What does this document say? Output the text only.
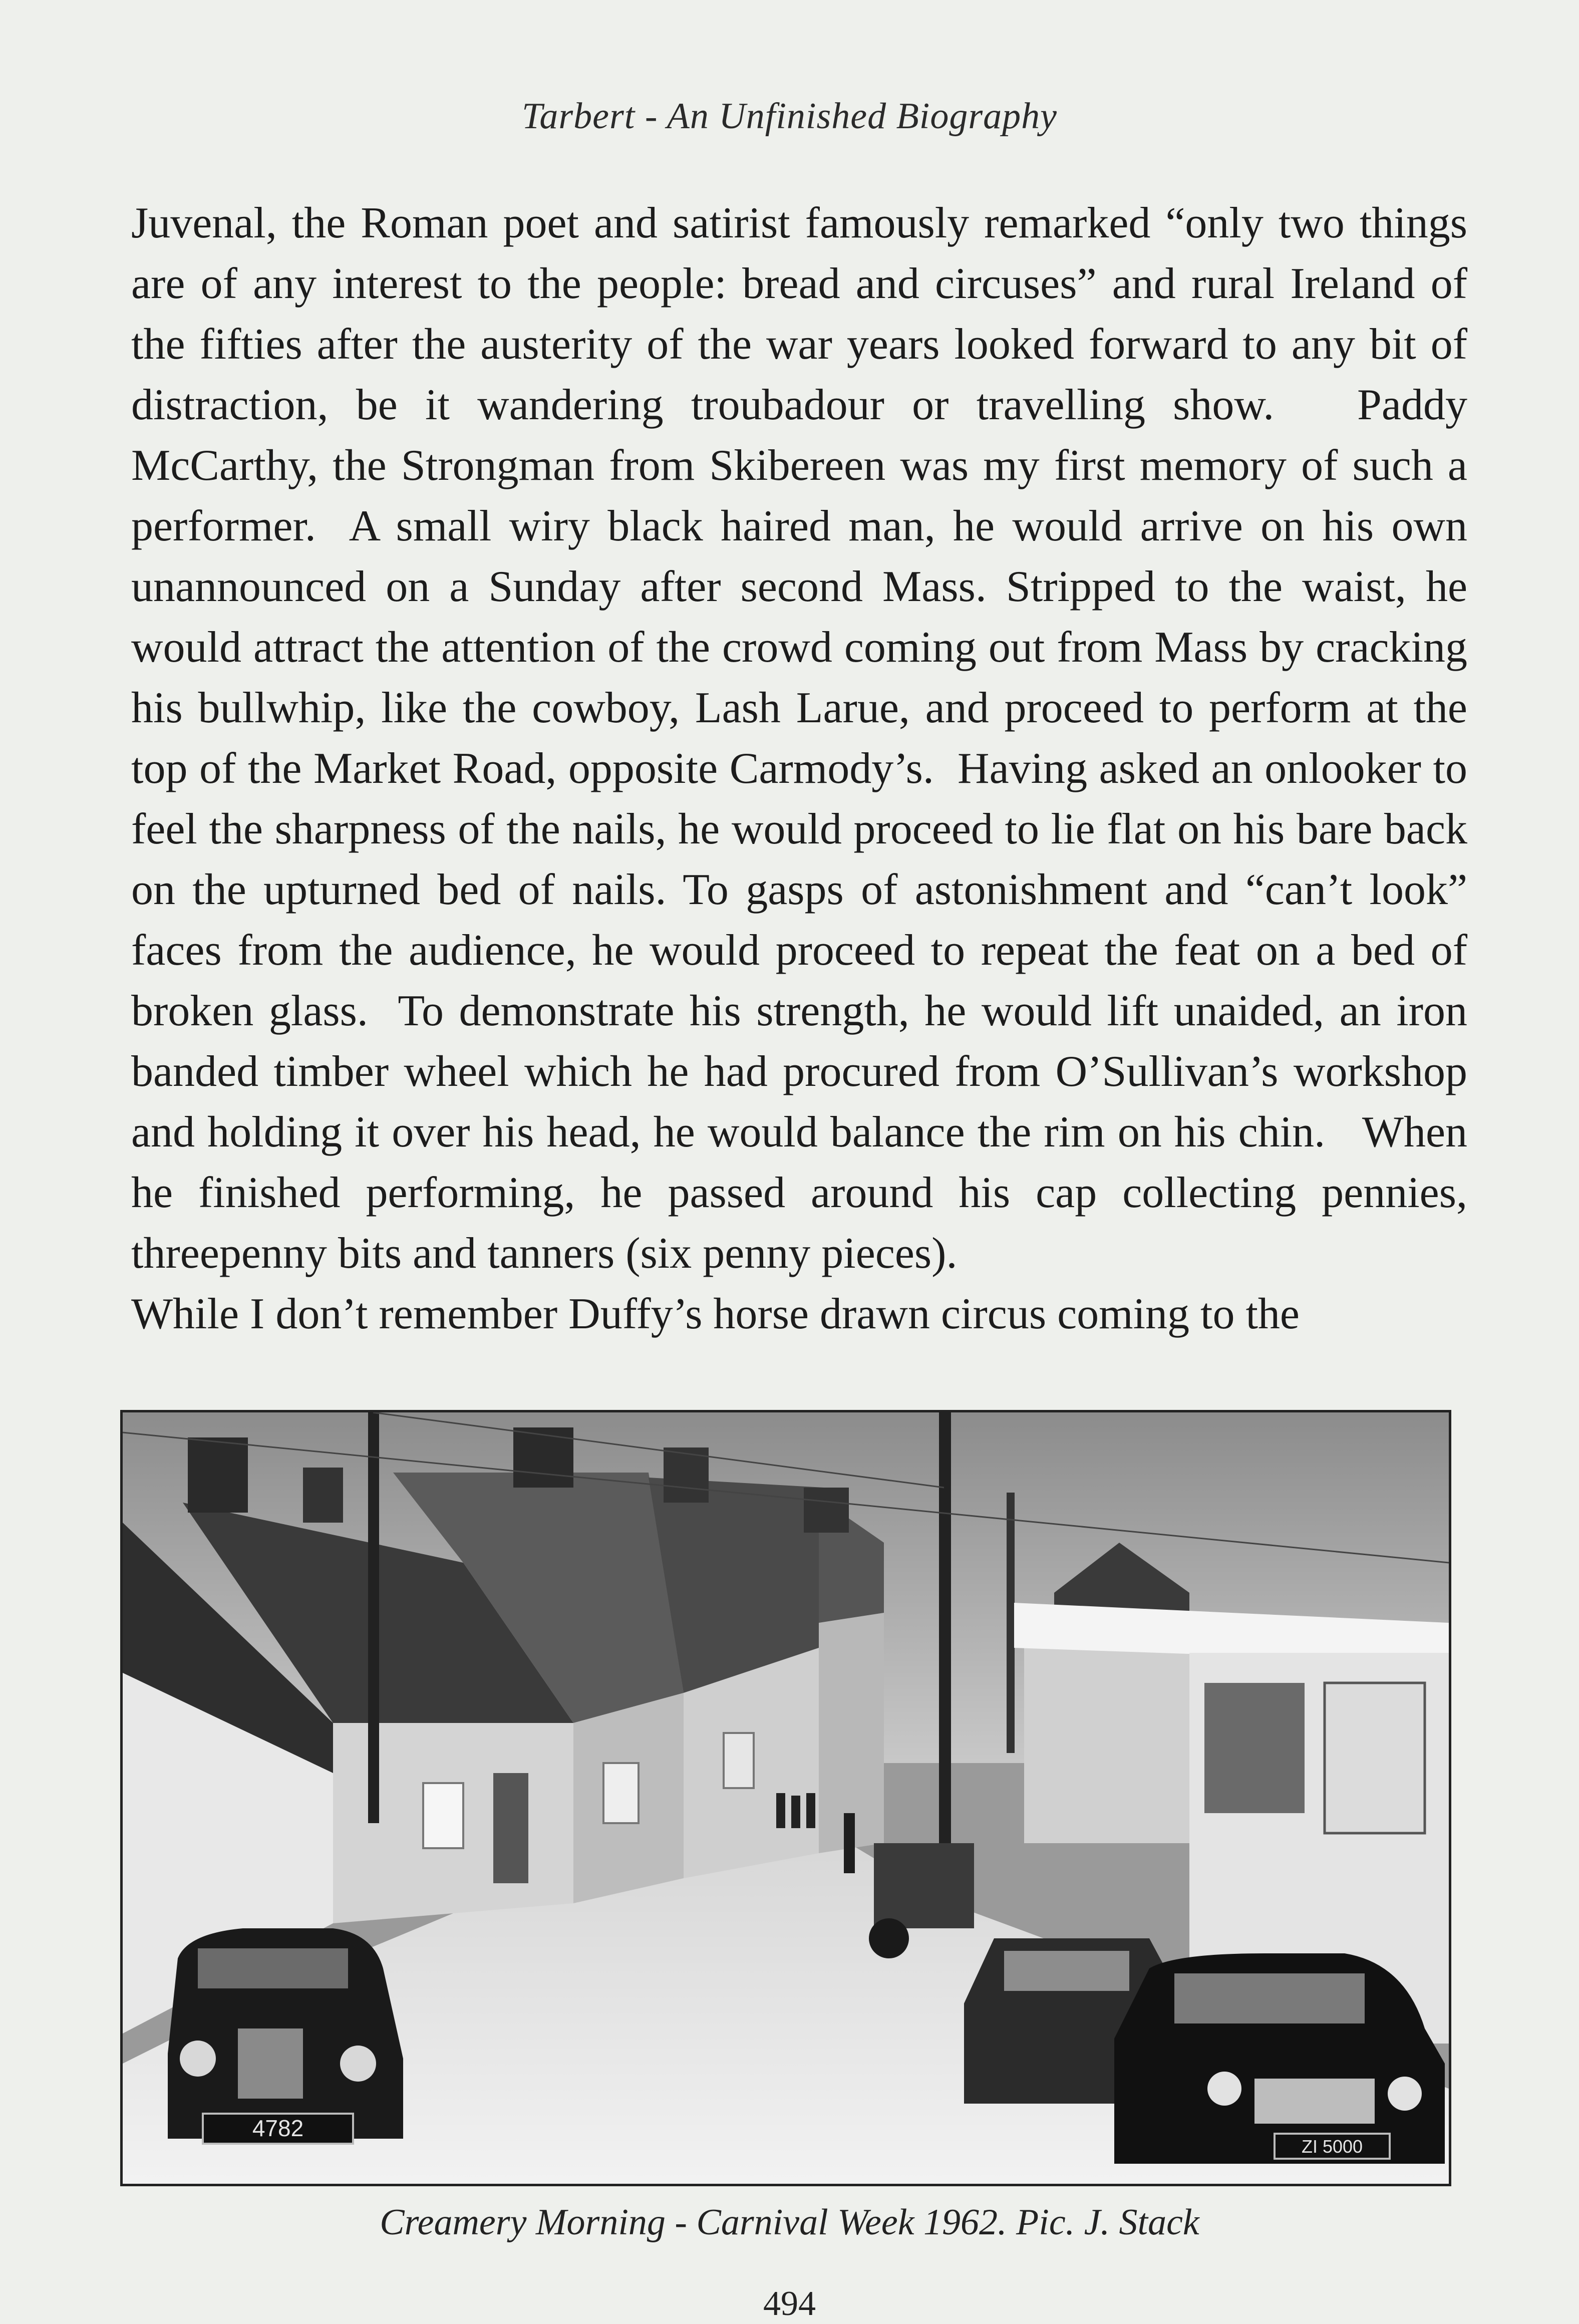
Tarbert - An Unfinished Biography

Juvenal, the Roman poet and satirist famously remarked “only two things are of any interest to the people: bread and circuses” and rural Ireland of the fifties after the austerity of the war years looked forward to any bit of distraction, be it wandering troubadour or travelling show.   Paddy McCarthy, the Strongman from Skibereen was my first memory of such a performer.  A small wiry black haired man, he would arrive on his own unannounced on a Sunday after second Mass. Stripped to the waist, he would attract the attention of the crowd coming out from Mass by cracking his bullwhip, like the cowboy, Lash Larue, and proceed to perform at the top of the Market Road, opposite Carmody’s.  Having asked an onlooker to feel the sharpness of the nails, he would proceed to lie flat on his bare back on the upturned bed of nails. To gasps of astonishment and “can’t look” faces from the audience, he would proceed to repeat the feat on a bed of broken glass.  To demonstrate his strength, he would lift unaided, an iron banded timber wheel which he had procured from O’Sullivan’s workshop and holding it over his head, he would balance the rim on his chin.   When he finished performing, he passed around his cap collecting pennies, threepenny bits and tanners (six penny pieces).

While I don’t remember Duffy’s horse drawn circus coming to the

4782
ZI 5000
Creamery Morning - Carnival Week 1962. Pic. J. Stack
494
